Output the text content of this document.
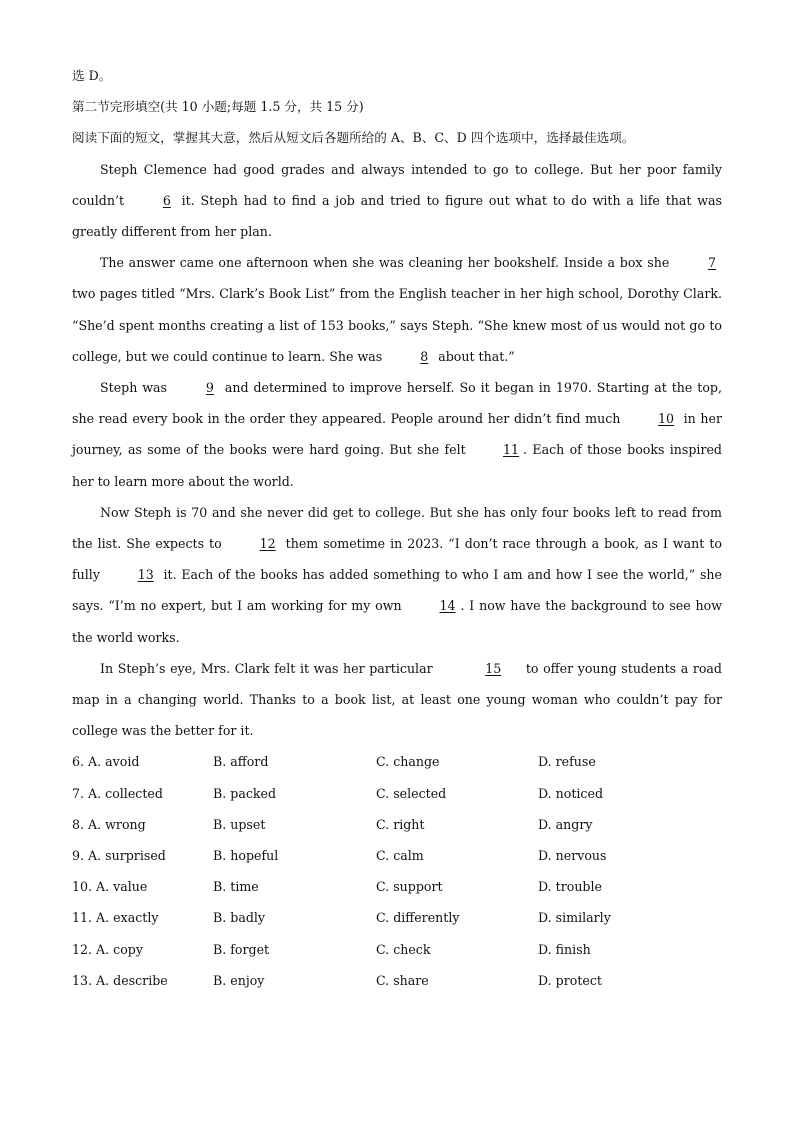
选 D。
第二节完形填空(共 10 小题;每题 1.5 分，共 15 分)
阅读下面的短文，掌握其大意，然后从短文后各题所给的 A、B、C、D 四个选项中，选择最佳选项。

Steph Clemence had good grades and always intended to go to college. But her poor family couldn’t	6 it. Steph had to find a job and tried to figure out what to do with a life that was greatly different from her plan.

The answer came one afternoon when she was cleaning her bookshelf. Inside a box she	7 two pages titled “Mrs. Clark’s Book List” from the English teacher in her high school, Dorothy Clark. “She’d spent months creating a list of 153 books,” says Steph. “She knew most of us would not go to college, but we could continue to learn. She was	8 about that.”

Steph was	9 and determined to improve herself. So it began in 1970. Starting at the top, she read every book in the order they appeared. People around her didn’t find much	10 in her journey, as some of the books were hard going. But she felt	11 . Each of those books inspired her to learn more about the world.

Now Steph is 70 and she never did get to college. But she has only four books left to read from the list. She expects to	12 them sometime in 2023. “I don’t race through a book, as I want to fully	13 it. Each of the books has added something to who I am and how I see the world,” she says. “I’m no expert, but I am working for my own	14 . I now have the background to see how the world works.

In Steph’s eye, Mrs. Clark felt it was her particular	15 to offer young students a road map in a changing world. Thanks to a book list, at least one young woman who couldn’t pay for college was the better for it.

6. A. avoid	B. afford	C. change	D. refuse
7. A. collected	B. packed	C. selected	D. noticed
8. A. wrong	B. upset	C. right	D. angry
9. A. surprised	B. hopeful	C. calm	D. nervous
10. A. value	B. time	C. support	D. trouble
11. A. exactly	B. badly	C. differently	D. similarly
12. A. copy	B. forget	C. check	D. finish
13. A. describe	B. enjoy	C. share	D. protect
